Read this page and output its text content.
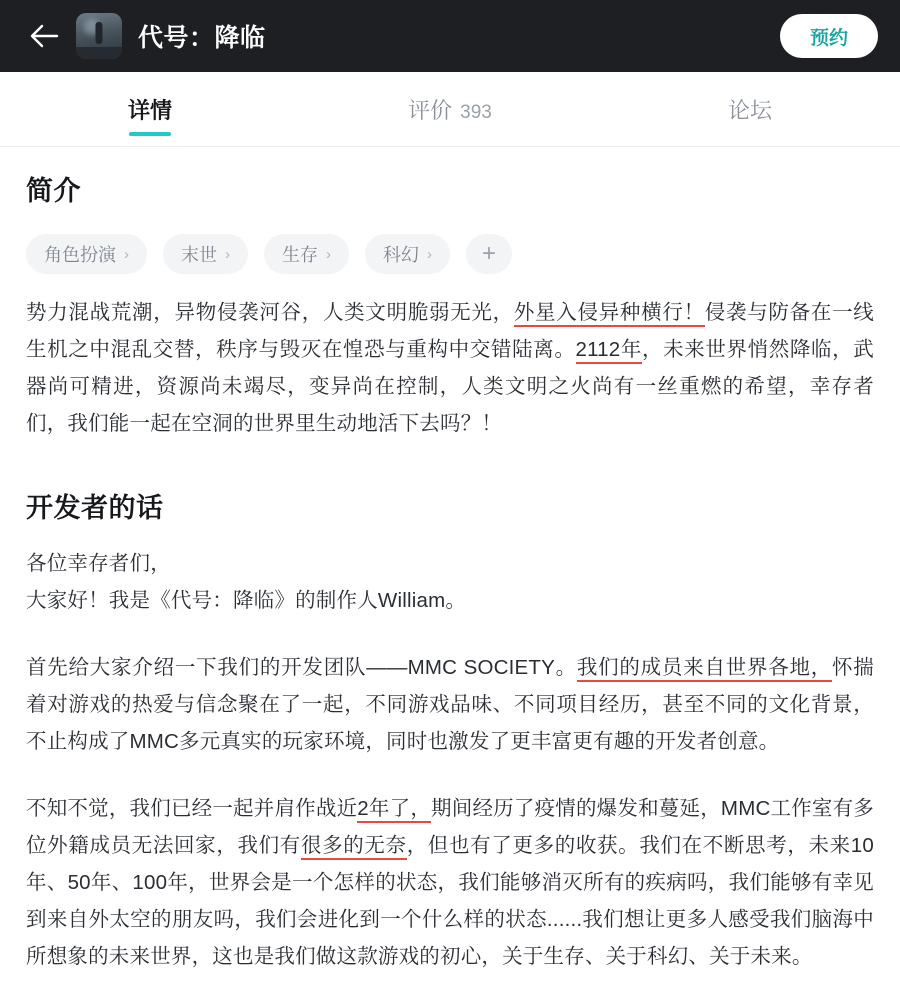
代号：降临	预约
详情	评价 393	论坛
简介
角色扮演 ›	末世 ›	生存 ›	科幻 ›	+

势力混战荒潮，异物侵袭河谷，人类文明脆弱无光，外星入侵异种横行！侵袭与防备在一线生机之中混乱交替，秩序与毁灭在惶恐与重构中交错陆离。2112年，未来世界悄然降临，武器尚可精进，资源尚未竭尽，变异尚在控制，人类文明之火尚有一丝重燃的希望，幸存者们，我们能一起在空洞的世界里生动地活下去吗？！

开发者的话

各位幸存者们，

大家好！我是《代号：降临》的制作人William。

首先给大家介绍一下我们的开发团队——MMC SOCIETY。我们的成员来自世界各地，怀揣着对游戏的热爱与信念聚在了一起，不同游戏品味、不同项目经历，甚至不同的文化背景，不止构成了MMC多元真实的玩家环境，同时也激发了更丰富更有趣的开发者创意。

不知不觉，我们已经一起并肩作战近2年了，期间经历了疫情的爆发和蔓延，MMC工作室有多位外籍成员无法回家，我们有很多的无奈，但也有了更多的收获。我们在不断思考，未来10年、50年、100年，世界会是一个怎样的状态，我们能够消灭所有的疾病吗，我们能够有幸见到来自外太空的朋友吗，我们会进化到一个什么样的状态......我们想让更多人感受我们脑海中所想象的未来世界，这也是我们做这款游戏的初心，关于生存、关于科幻、关于未来。
